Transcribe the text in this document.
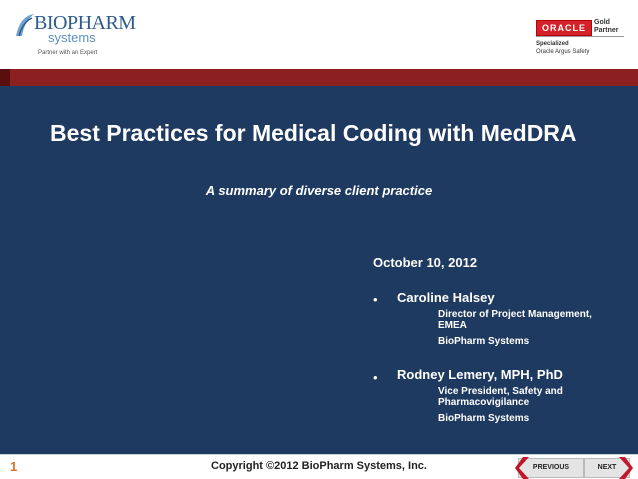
BIOPHARM
systems
Partner with an Expert
ORACLE
Gold
Partner
Specialized
Oracle Argus Safety
Best Practices for Medical Coding with MedDRA
A summary of diverse client practice
October 10, 2012
• Caroline Halsey
Director of Project Management,
EMEA
BioPharm Systems
• Rodney Lemery, MPH, PhD
Vice President, Safety and
Pharmacovigilance
BioPharm Systems
1	Copyright ©2012 BioPharm Systems, Inc.	PREVIOUS	NEXT
